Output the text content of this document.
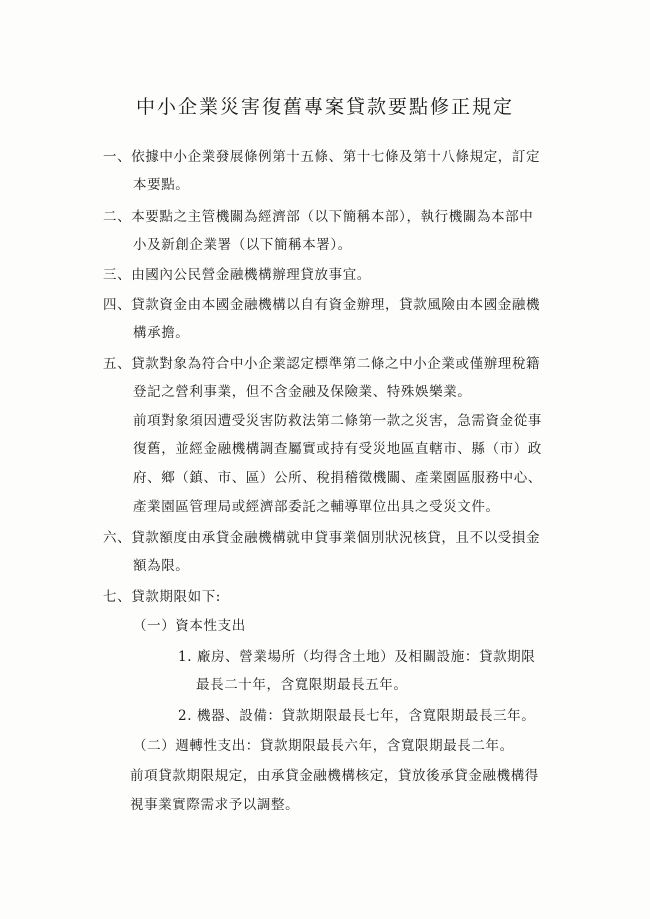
中小企業災害復舊專案貸款要點修正規定
一、依據中小企業發展條例第十五條、第十七條及第十八條規定，訂定
本要點。
二、本要點之主管機關為經濟部（以下簡稱本部），執行機關為本部中
小及新創企業署（以下簡稱本署）。
三、由國內公民營金融機構辦理貸放事宜。
四、貸款資金由本國金融機構以自有資金辦理，貸款風險由本國金融機
構承擔。
五、貸款對象為符合中小企業認定標準第二條之中小企業或僅辦理稅籍
登記之營利事業，但不含金融及保險業、特殊娛樂業。
前項對象須因遭受災害防救法第二條第一款之災害，急需資金從事
復舊，並經金融機構調查屬實或持有受災地區直轄市、縣（市）政
府、鄉（鎮、市、區）公所、稅捐稽徵機關、產業園區服務中心、
產業園區管理局或經濟部委託之輔導單位出具之受災文件。
六、貸款額度由承貸金融機構就申貸事業個別狀況核貸，且不以受損金
額為限。
七、貸款期限如下:
（一）資本性支出
1. 廠房、營業場所（均得含土地）及相關設施：貸款期限
最長二十年，含寬限期最長五年。
2. 機器、設備：貸款期限最長七年，含寬限期最長三年。
（二）週轉性支出：貸款期限最長六年，含寬限期最長二年。
前項貸款期限規定，由承貸金融機構核定，貸放後承貸金融機構得
視事業實際需求予以調整。
